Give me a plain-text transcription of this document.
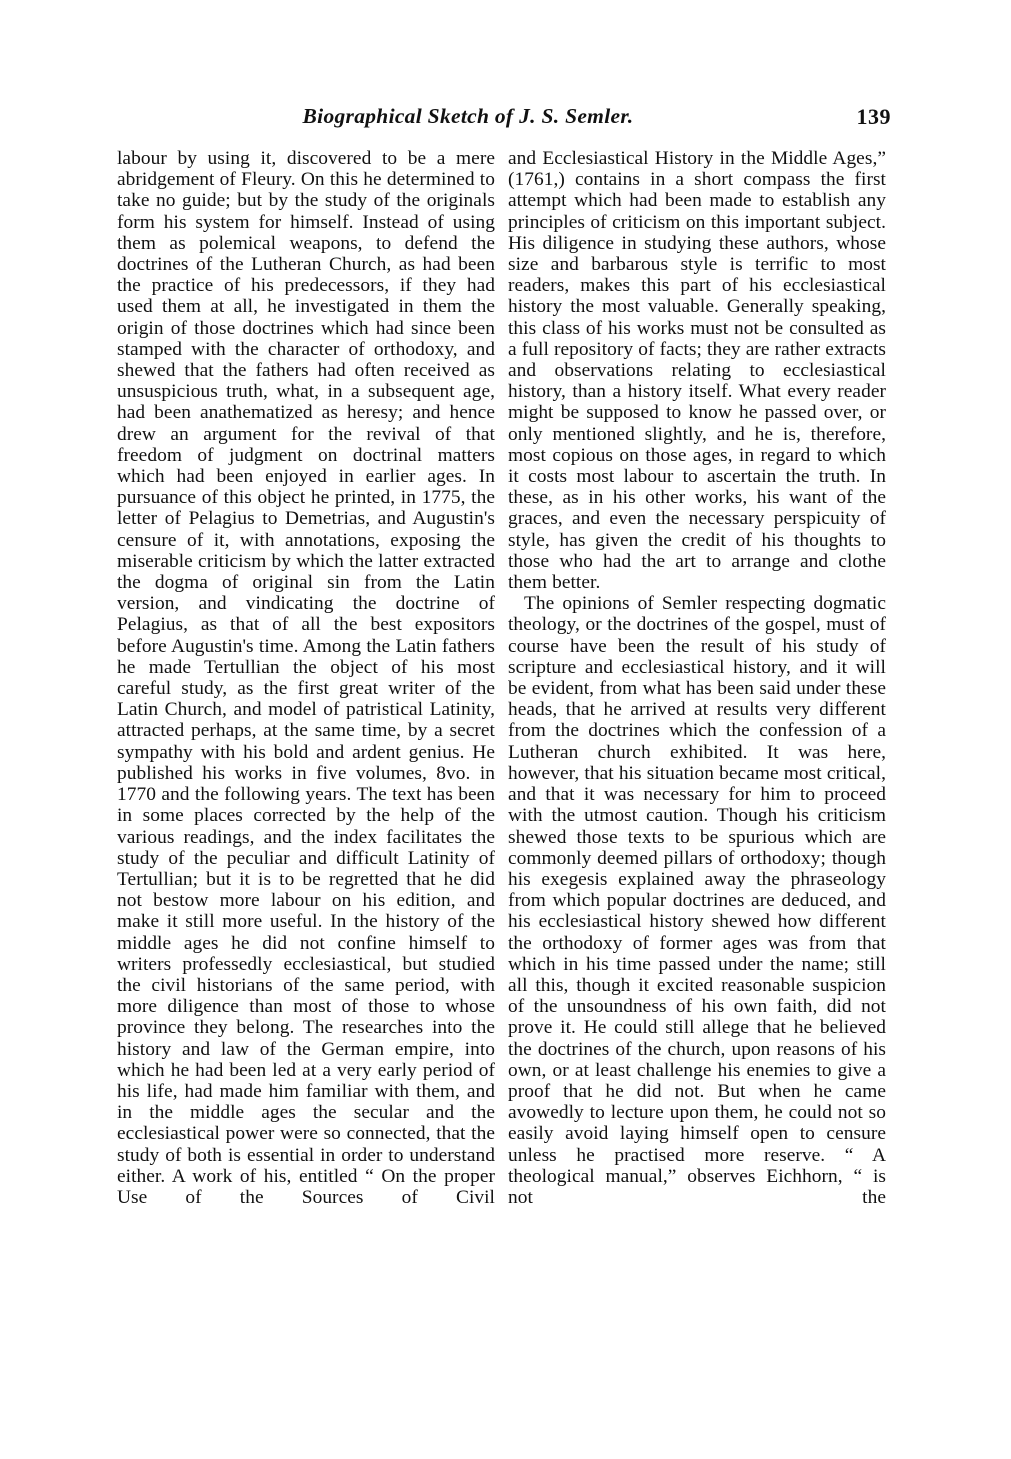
Biographical Sketch of J. S. Semler.	139

labour by using it, discovered to be a mere abridgement of Fleury. On this he determined to take no guide; but by the study of the originals form his system for himself. Instead of using them as polemical weapons, to defend the doctrines of the Lutheran Church, as had been the practice of his predecessors, if they had used them at all, he investigated in them the origin of those doctrines which had since been stamped with the character of orthodoxy, and shewed that the fathers had often received as unsuspicious truth, what, in a subsequent age, had been anathematized as heresy; and hence drew an argument for the revival of that freedom of judgment on doctrinal matters which had been enjoyed in earlier ages. In pursuance of this object he printed, in 1775, the letter of Pelagius to Demetrias, and Augustin's censure of it, with annotations, exposing the miserable criticism by which the latter extracted the dogma of original sin from the Latin version, and vindicating the doctrine of Pelagius, as that of all the best expositors before Augustin's time. Among the Latin fathers he made Tertullian the object of his most careful study, as the first great writer of the Latin Church, and model of patristical Latinity, attracted perhaps, at the same time, by a secret sympathy with his bold and ardent genius. He published his works in five volumes, 8vo. in 1770 and the following years. The text has been in some places corrected by the help of the various readings, and the index facilitates the study of the peculiar and difficult Latinity of Tertullian; but it is to be regretted that he did not bestow more labour on his edition, and make it still more useful. In the history of the middle ages he did not confine himself to writers professedly ecclesiastical, but studied the civil historians of the same period, with more diligence than most of those to whose province they belong. The researches into the history and law of the German empire, into which he had been led at a very early period of his life, had made him familiar with them, and in the middle ages the secular and the ecclesiastical power were so connected, that the study of both is essential in order to understand either. A work of his, entitled “ On the proper Use of the Sources of Civil

and Ecclesiastical History in the Middle Ages,” (1761,) contains in a short compass the first attempt which had been made to establish any principles of criticism on this important subject. His diligence in studying these authors, whose size and barbarous style is terrific to most readers, makes this part of his ecclesiastical history the most valuable. Generally speaking, this class of his works must not be consulted as a full repository of facts; they are rather extracts and observations relating to ecclesiastical history, than a history itself. What every reader might be supposed to know he passed over, or only mentioned slightly, and he is, therefore, most copious on those ages, in regard to which it costs most labour to ascertain the truth. In these, as in his other works, his want of the graces, and even the necessary perspicuity of style, has given the credit of his thoughts to those who had the art to arrange and clothe them better.

The opinions of Semler respecting dogmatic theology, or the doctrines of the gospel, must of course have been the result of his study of scripture and ecclesiastical history, and it will be evident, from what has been said under these heads, that he arrived at results very different from the doctrines which the confession of a Lutheran church exhibited. It was here, however, that his situation became most critical, and that it was necessary for him to proceed with the utmost caution. Though his criticism shewed those texts to be spurious which are commonly deemed pillars of orthodoxy; though his exegesis explained away the phraseology from which popular doctrines are deduced, and his ecclesiastical history shewed how different the orthodoxy of former ages was from that which in his time passed under the name; still all this, though it excited reasonable suspicion of the unsoundness of his own faith, did not prove it. He could still allege that he believed the doctrines of the church, upon reasons of his own, or at least challenge his enemies to give a proof that he did not. But when he came avowedly to lecture upon them, he could not so easily avoid laying himself open to censure unless he practised more reserve. “ A theological manual,” observes Eichhorn, “ is not the
